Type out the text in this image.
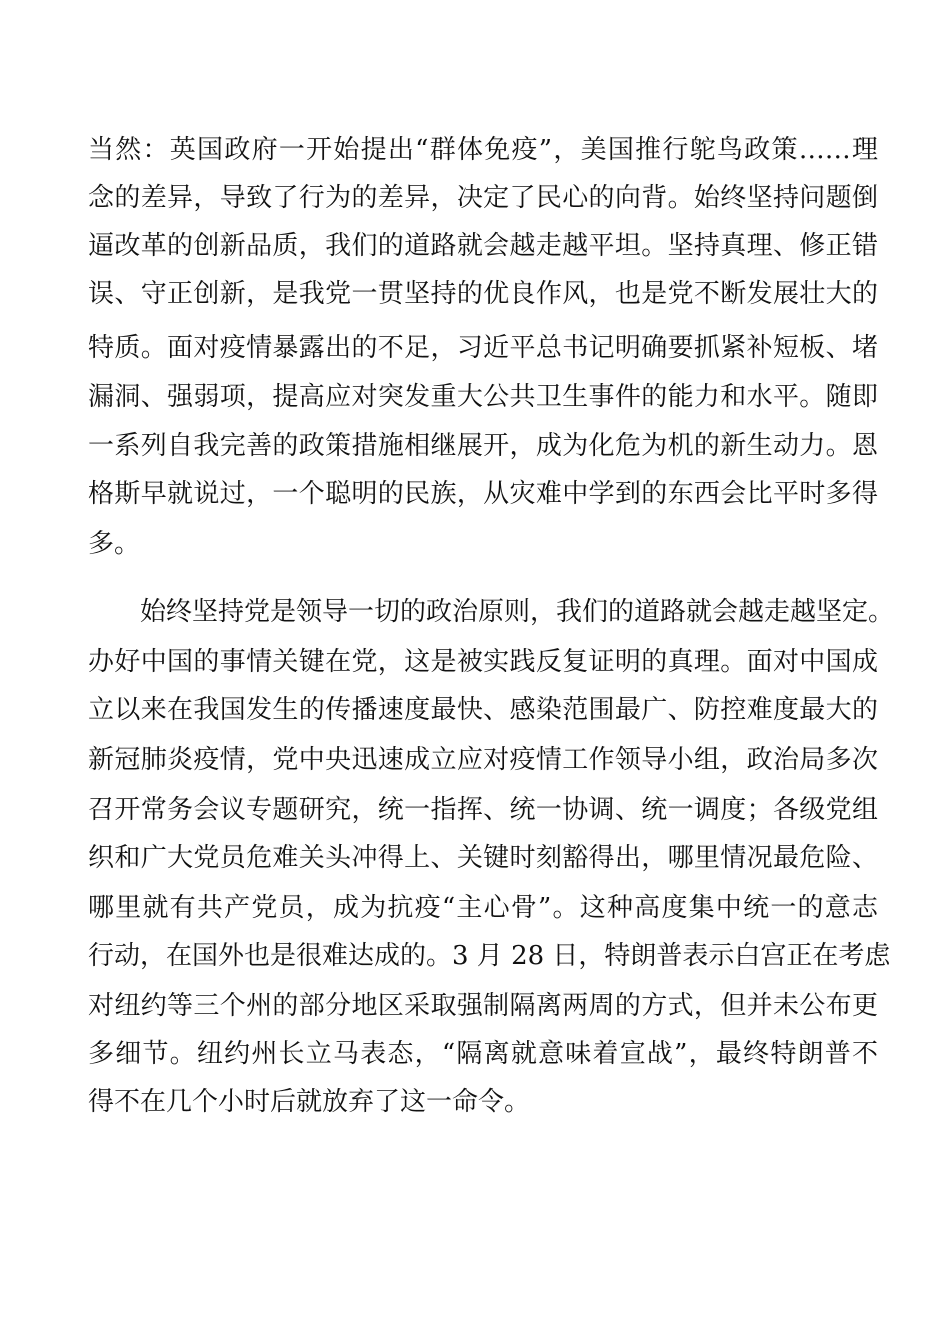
当然：英国政府一开始提出“群体免疫”，美国推行鸵鸟政策……理
念的差异，导致了行为的差异，决定了民心的向背。始终坚持问题倒
逼改革的创新品质，我们的道路就会越走越平坦。坚持真理、修正错
误、守正创新，是我党一贯坚持的优良作风，也是党不断发展壮大的
特质。面对疫情暴露出的不足，习近平总书记明确要抓紧补短板、堵
漏洞、强弱项，提高应对突发重大公共卫生事件的能力和水平。随即
一系列自我完善的政策措施相继展开，成为化危为机的新生动力。恩
格斯早就说过，一个聪明的民族，从灾难中学到的东西会比平时多得
多。
始终坚持党是领导一切的政治原则，我们的道路就会越走越坚定。
办好中国的事情关键在党，这是被实践反复证明的真理。面对中国成
立以来在我国发生的传播速度最快、感染范围最广、防控难度最大的
新冠肺炎疫情，党中央迅速成立应对疫情工作领导小组，政治局多次
召开常务会议专题研究，统一指挥、统一协调、统一调度；各级党组
织和广大党员危难关头冲得上、关键时刻豁得出，哪里情况最危险、
哪里就有共产党员，成为抗疫“主心骨”。这种高度集中统一的意志
行动，在国外也是很难达成的。3 月 28 日，特朗普表示白宫正在考虑
对纽约等三个州的部分地区采取强制隔离两周的方式，但并未公布更
多细节。纽约州长立马表态，“隔离就意味着宣战”，最终特朗普不
得不在几个小时后就放弃了这一命令。
